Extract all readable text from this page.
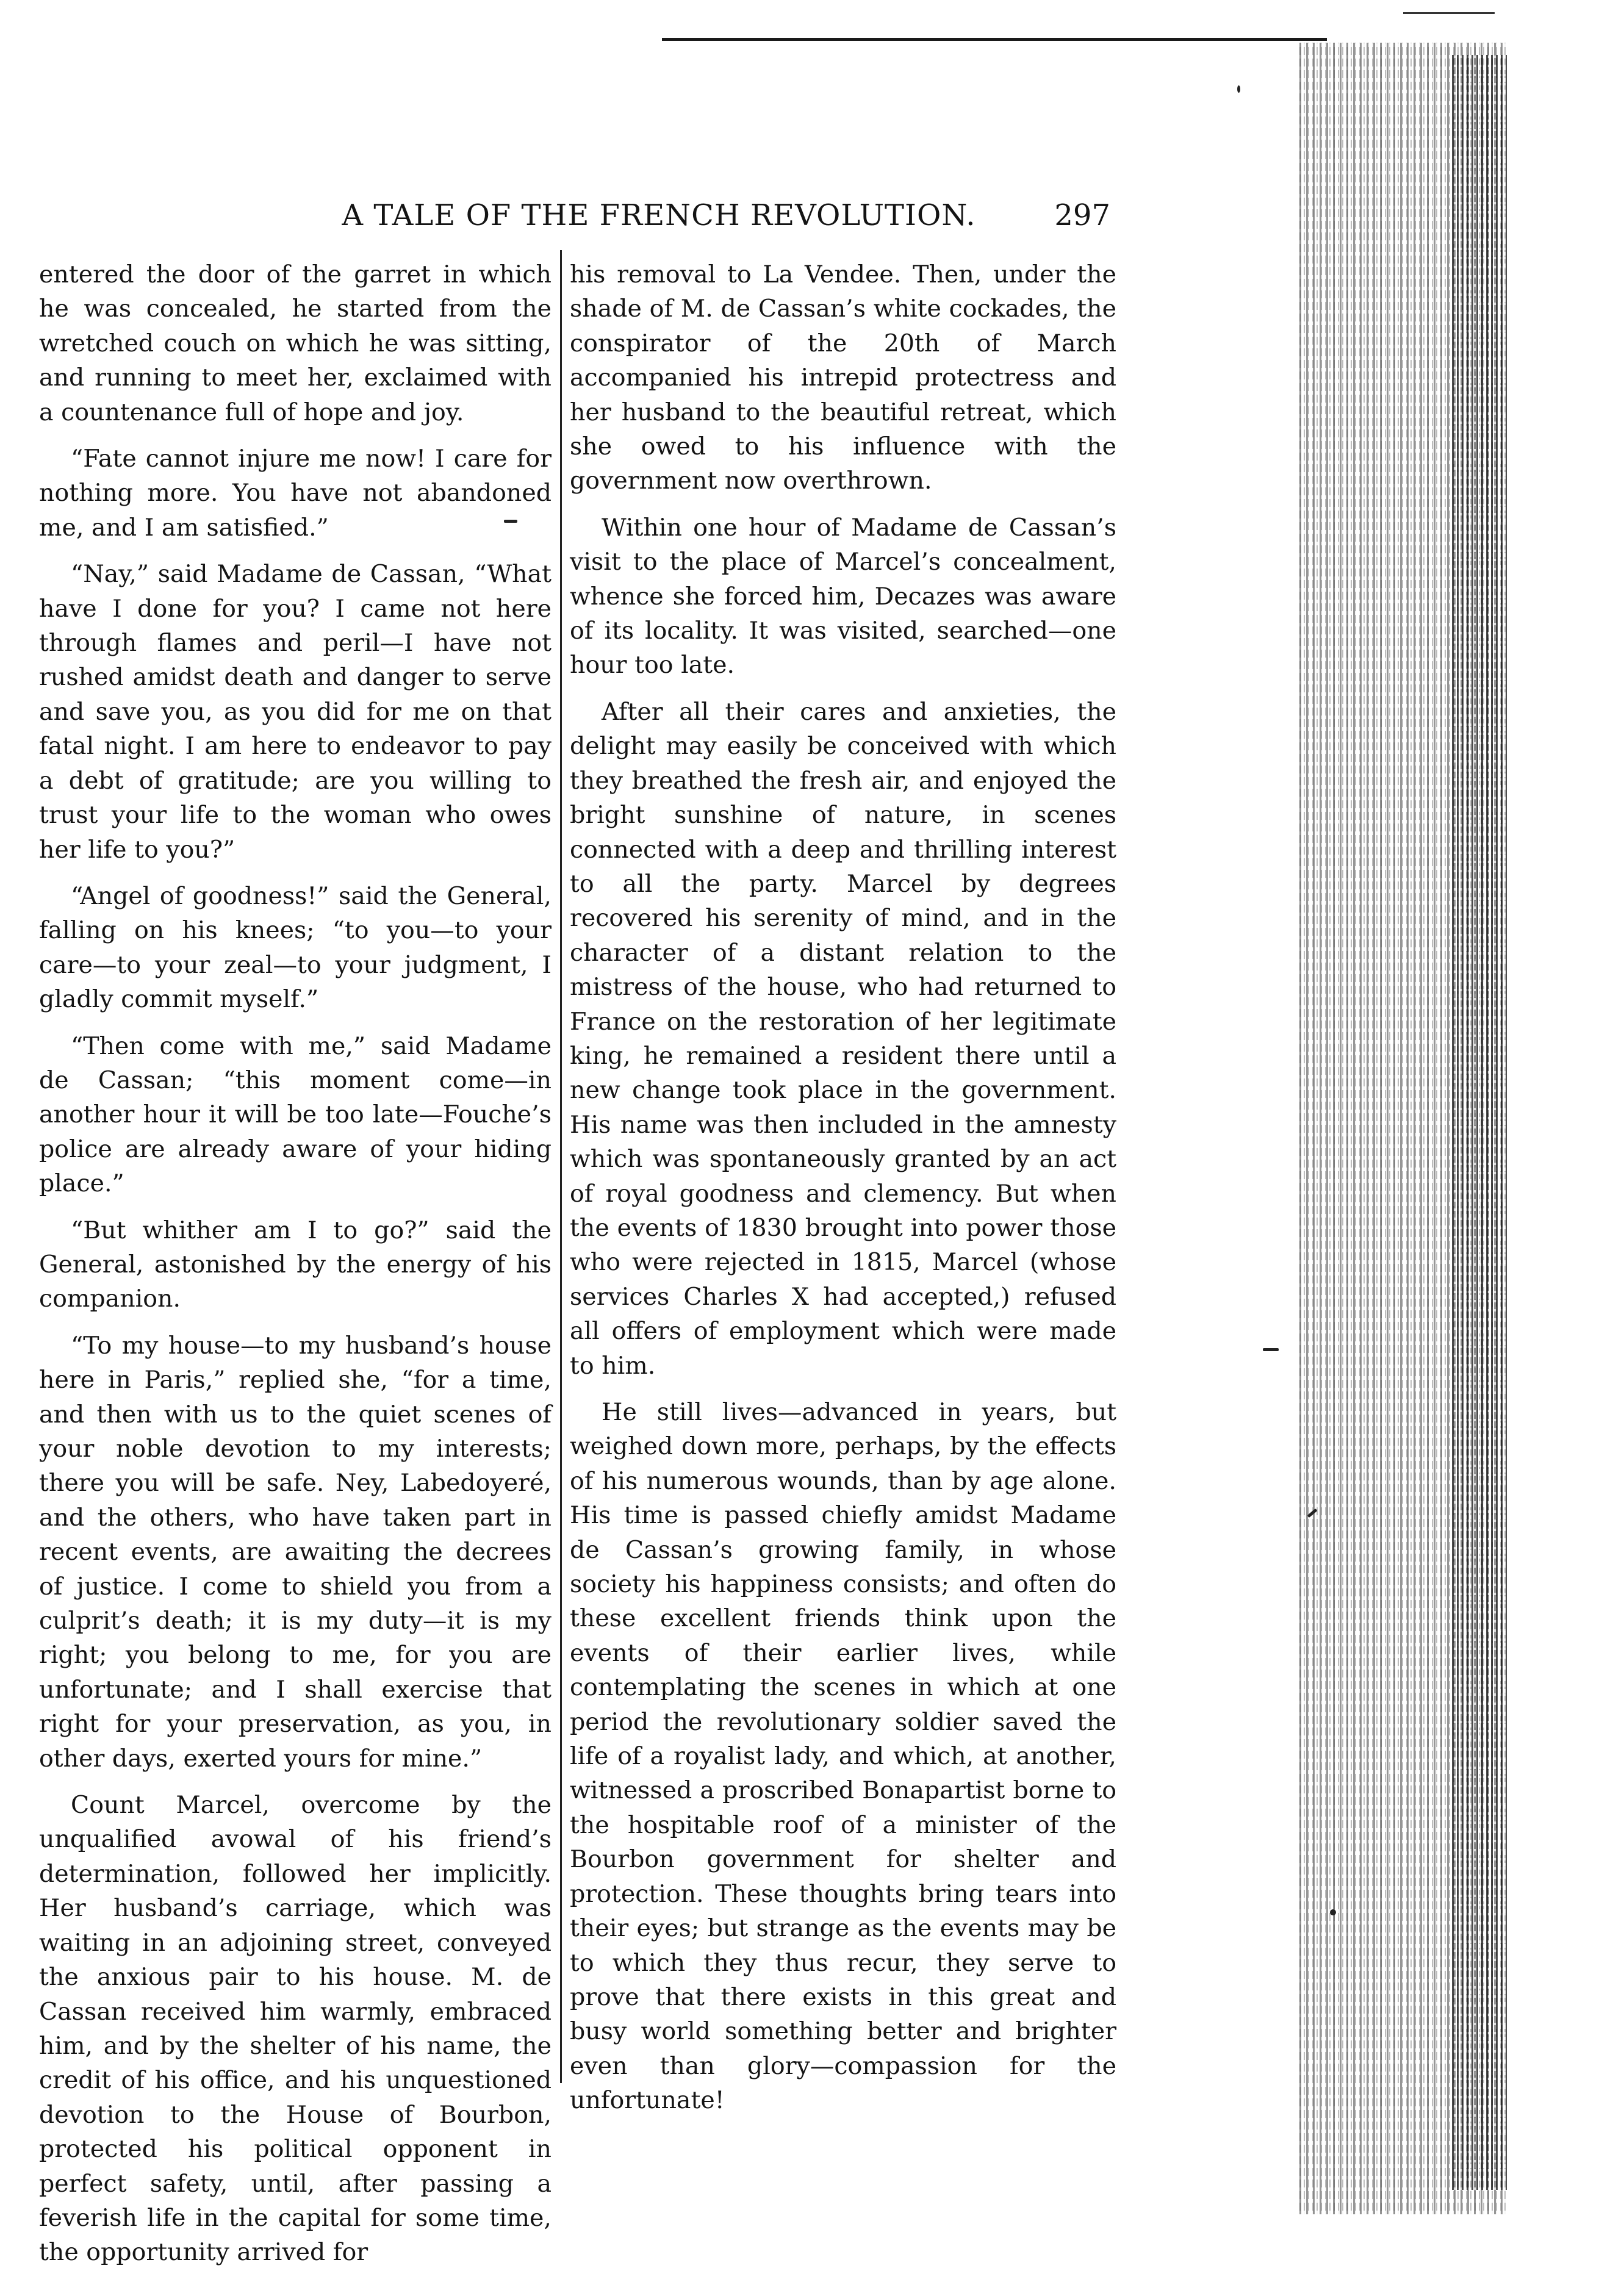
A TALE OF THE FRENCH REVOLUTION.	297

entered the door of the garret in which he was concealed, he started from the wretched couch on which he was sitting, and running to meet her, exclaimed with a countenance full of hope and joy.

“Fate cannot injure me now! I care for nothing more. You have not abandoned me, and I am satisfied.”

“Nay,” said Madame de Cassan, “What have I done for you? I came not here through flames and peril—I have not rushed amidst death and danger to serve and save you, as you did for me on that fatal night. I am here to endeavor to pay a debt of gratitude; are you willing to trust your life to the woman who owes her life to you?”

“Angel of goodness!” said the General, falling on his knees; “to you—to your care—to your zeal—to your judgment, I gladly commit myself.”

“Then come with me,” said Madame de Cassan; “this moment come—in another hour it will be too late—Fouche’s police are already aware of your hiding place.”

“But whither am I to go?” said the General, astonished by the energy of his companion.

“To my house—to my husband’s house here in Paris,” replied she, “for a time, and then with us to the quiet scenes of your noble devotion to my interests; there you will be safe. Ney, Labedoyeré, and the others, who have taken part in recent events, are awaiting the decrees of justice. I come to shield you from a culprit’s death; it is my duty—it is my right; you belong to me, for you are unfortunate; and I shall exercise that right for your preservation, as you, in other days, exerted yours for mine.”

Count Marcel, overcome by the unqualified avowal of his friend’s determination, followed her implicitly. Her husband’s carriage, which was waiting in an adjoining street, conveyed the anxious pair to his house. M. de Cassan received him warmly, embraced him, and by the shelter of his name, the credit of his office, and his unquestioned devotion to the House of Bourbon, protected his political opponent in perfect safety, until, after passing a feverish life in the capital for some time, the opportunity arrived for

his removal to La Vendee. Then, under the shade of M. de Cassan’s white cockades, the conspirator of the 20th of March accompanied his intrepid protectress and her husband to the beautiful retreat, which she owed to his influence with the government now overthrown.

Within one hour of Madame de Cassan’s visit to the place of Marcel’s concealment, whence she forced him, Decazes was aware of its locality. It was visited, searched—one hour too late.

After all their cares and anxieties, the delight may easily be conceived with which they breathed the fresh air, and enjoyed the bright sunshine of nature, in scenes connected with a deep and thrilling interest to all the party. Marcel by degrees recovered his serenity of mind, and in the character of a distant relation to the mistress of the house, who had returned to France on the restoration of her legitimate king, he remained a resident there until a new change took place in the government. His name was then included in the amnesty which was spontaneously granted by an act of royal goodness and clemency. But when the events of 1830 brought into power those who were rejected in 1815, Marcel (whose services Charles X had accepted,) refused all offers of employment which were made to him.

He still lives—advanced in years, but weighed down more, perhaps, by the effects of his numerous wounds, than by age alone. His time is passed chiefly amidst Madame de Cassan’s growing family, in whose society his happiness consists; and often do these excellent friends think upon the events of their earlier lives, while contemplating the scenes in which at one period the revolutionary soldier saved the life of a royalist lady, and which, at another, witnessed a proscribed Bonapartist borne to the hospitable roof of a minister of the Bourbon government for shelter and protection. These thoughts bring tears into their eyes; but strange as the events may be to which they thus recur, they serve to prove that there exists in this great and busy world something better and brighter even than glory—compassion for the unfortunate!
